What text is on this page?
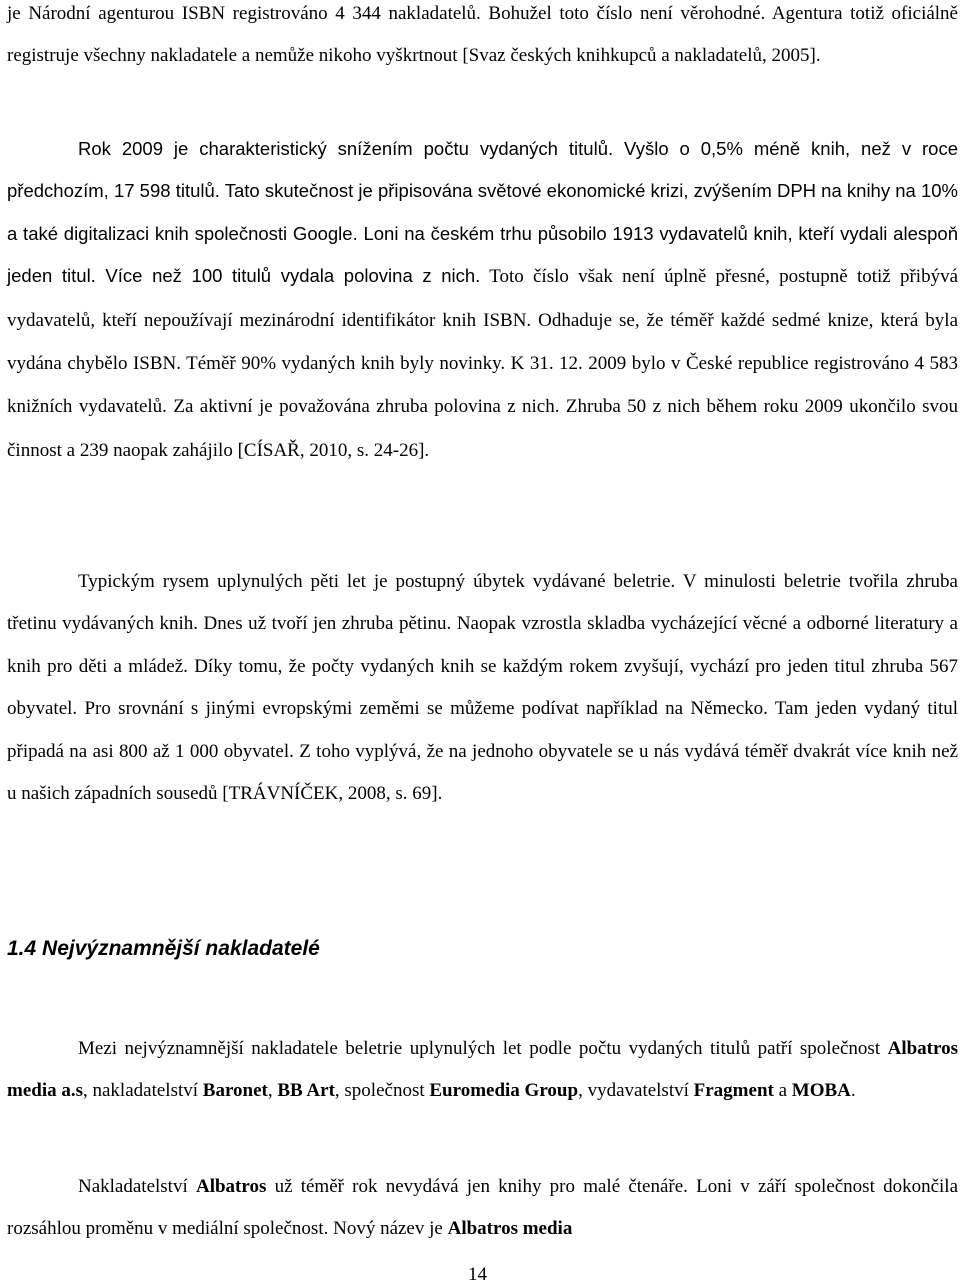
je Národní agenturou ISBN registrováno 4 344 nakladatelů. Bohužel toto číslo není věrohodné. Agentura totiž oficiálně registruje všechny nakladatele a nemůže nikoho vyškrtnout [Svaz českých knihkupců a nakladatelů, 2005].

Rok 2009 je charakteristický snížením počtu vydaných titulů. Vyšlo o 0,5% méně knih, než v roce předchozím, 17 598 titulů. Tato skutečnost je připisována světové ekonomické krizi, zvýšením DPH na knihy na 10% a také digitalizaci knih společnosti Google. Loni na českém trhu působilo 1913 vydavatelů knih, kteří vydali alespoň jeden titul. Více než 100 titulů vydala polovina z nich. Toto číslo však není úplně přesné, postupně totiž přibývá vydavatelů, kteří nepoužívají mezinárodní identifikátor knih ISBN. Odhaduje se, že téměř každé sedmé knize, která byla vydána chybělo ISBN. Téměř 90% vydaných knih byly novinky. K 31. 12. 2009 bylo v České republice registrováno 4 583 knižních vydavatelů. Za aktivní je považována zhruba polovina z nich. Zhruba 50 z nich během roku 2009 ukončilo svou činnost a 239 naopak zahájilo [CÍSAŘ, 2010, s. 24-26].

Typickým rysem uplynulých pěti let je postupný úbytek vydávané beletrie. V minulosti beletrie tvořila zhruba třetinu vydávaných knih. Dnes už tvoří jen zhruba pětinu. Naopak vzrostla skladba vycházející věcné a odborné literatury a knih pro děti a mládež. Díky tomu, že počty vydaných knih se každým rokem zvyšují, vychází pro jeden titul zhruba 567 obyvatel. Pro srovnání s jinými evropskými zeměmi se můžeme podívat například na Německo. Tam jeden vydaný titul připadá na asi 800 až 1 000 obyvatel. Z toho vyplývá, že na jednoho obyvatele se u nás vydává téměř dvakrát více knih než u našich západních sousedů [TRÁVNÍČEK, 2008, s. 69].

1.4 Nejvýznamnější nakladatelé

Mezi nejvýznamnější nakladatele beletrie uplynulých let podle počtu vydaných titulů patří společnost Albatros media a.s, nakladatelství Baronet, BB Art, společnost Euromedia Group, vydavatelství Fragment a MOBA.

Nakladatelství Albatros už téměř rok nevydává jen knihy pro malé čtenáře. Loni v září společnost dokončila rozsáhlou proměnu v mediální společnost. Nový název je Albatros media

14
